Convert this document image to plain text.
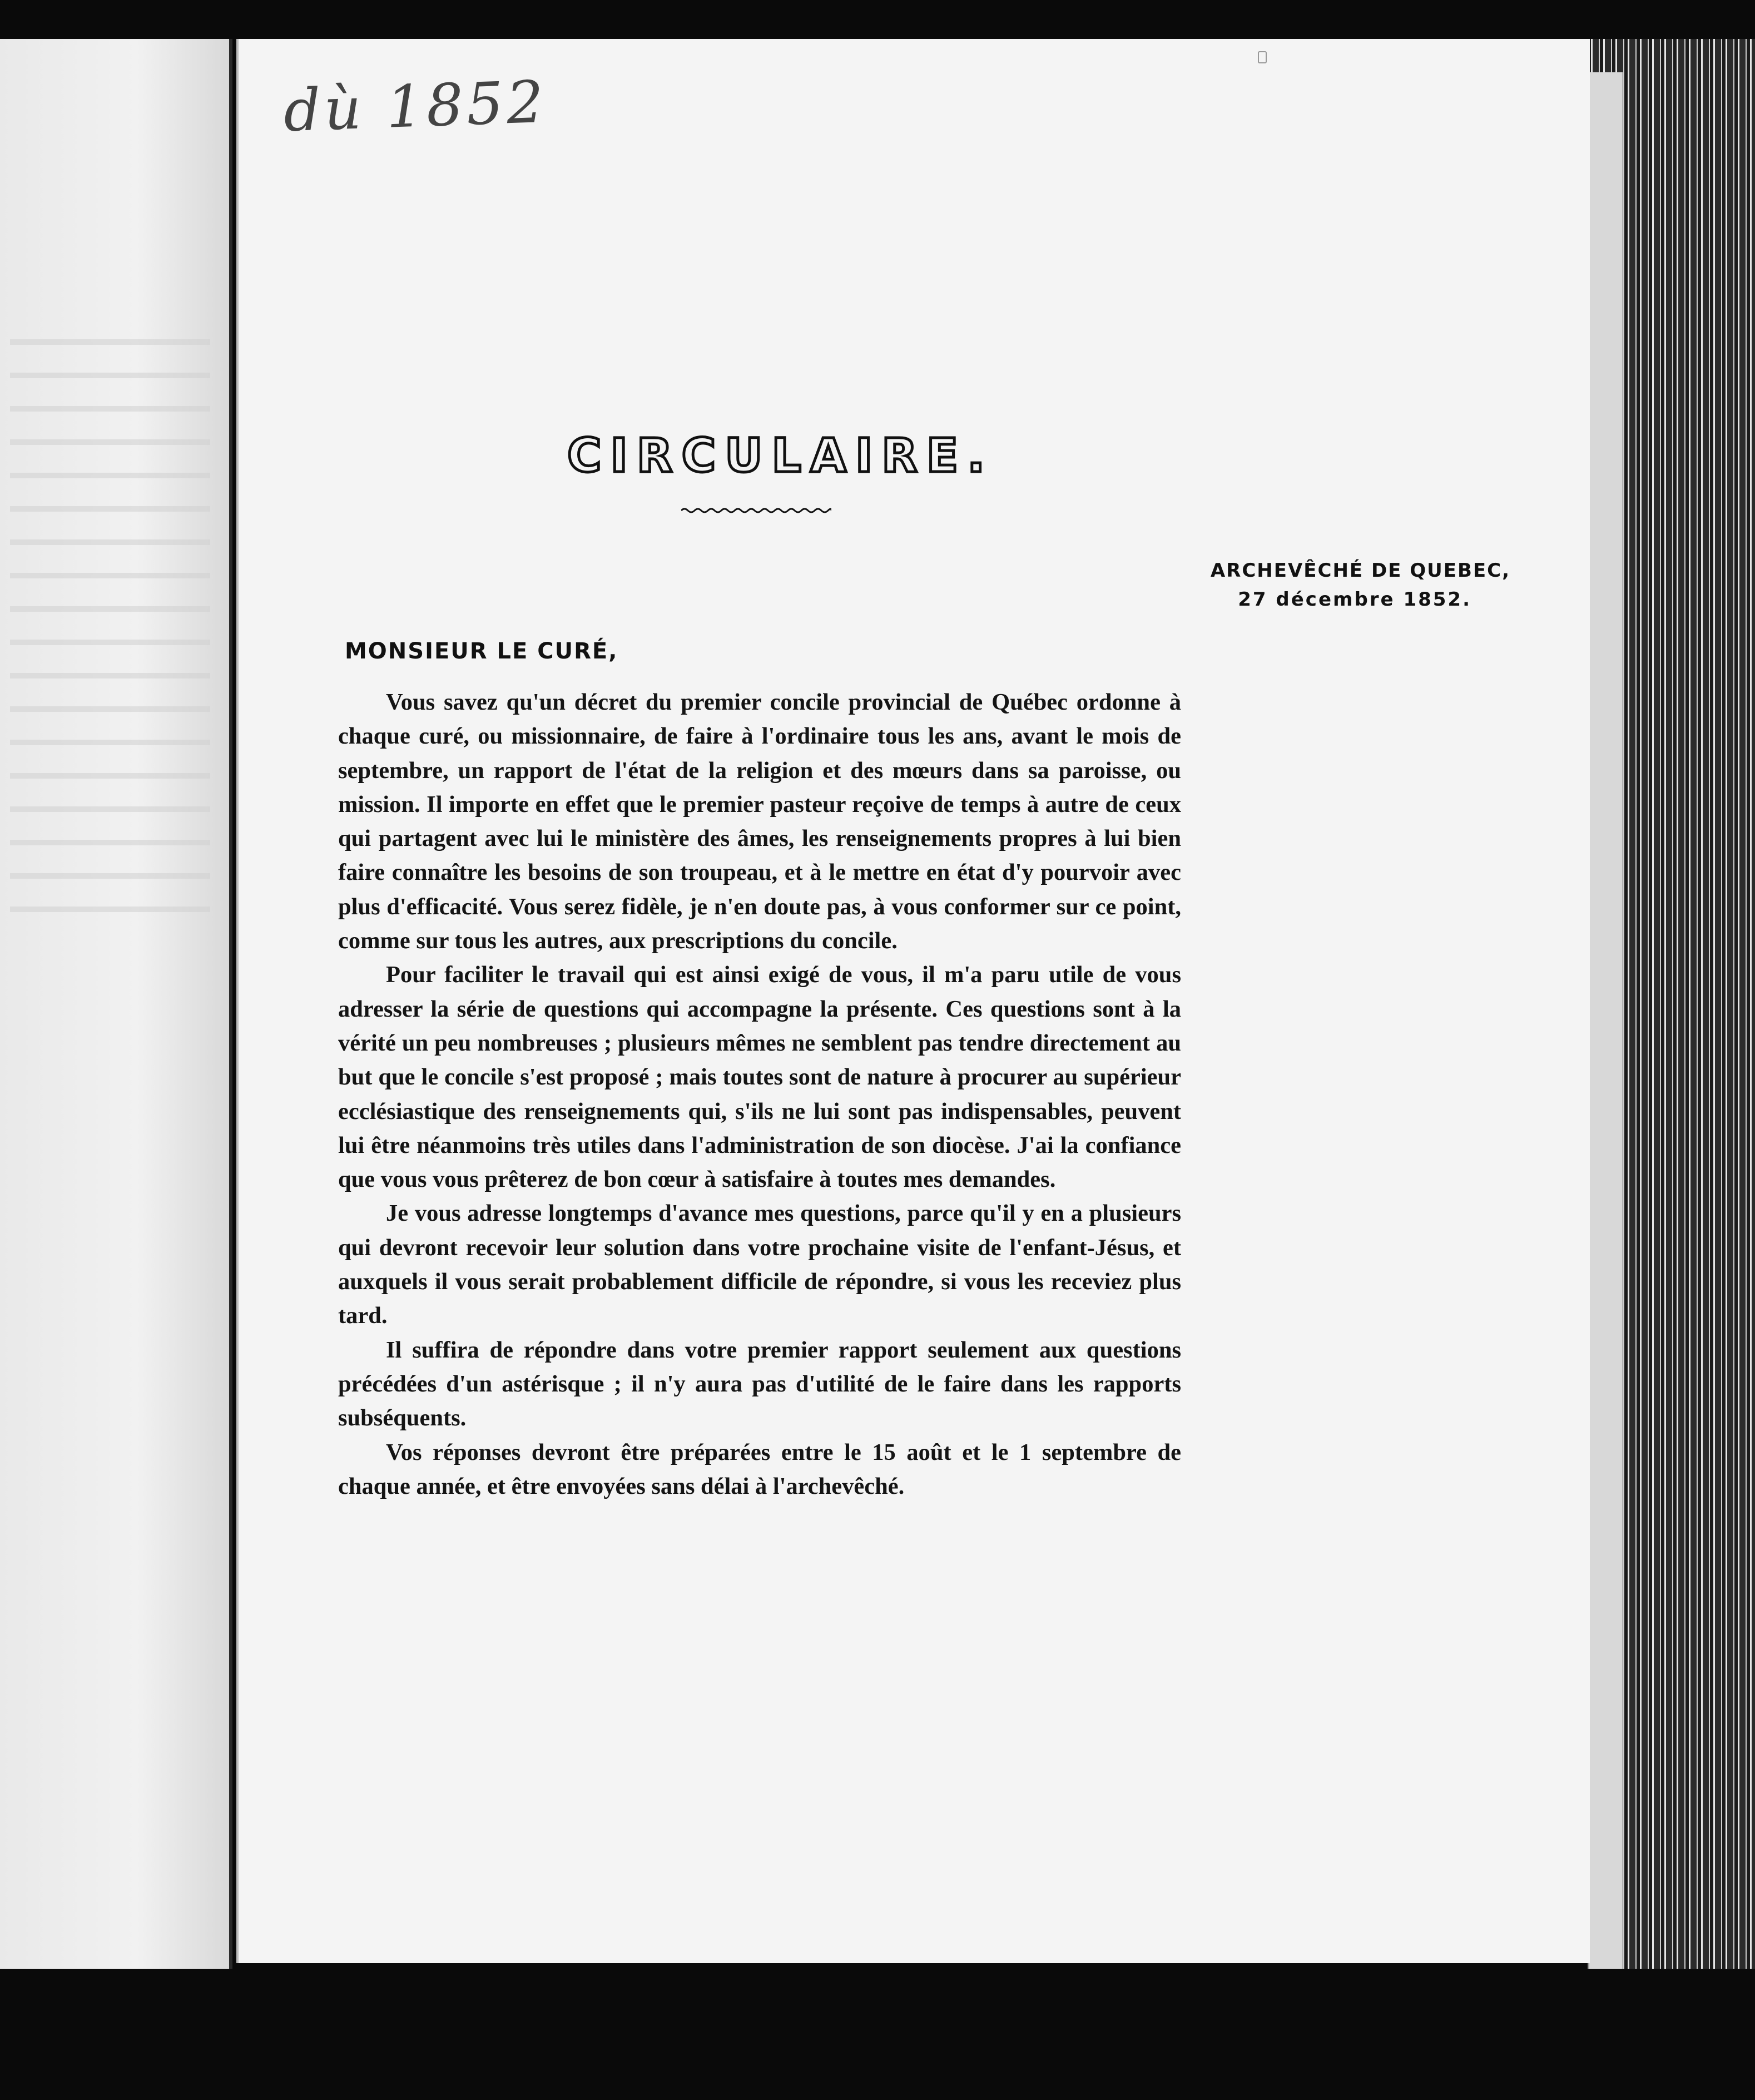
dù 1852
CIRCULAIRE.
ARCHEVÊCHÉ DE QUEBEC,
27 décembre 1852.
MONSIEUR LE CURÉ,

Vous savez qu'un décret du premier concile provincial de Québec ordonne à chaque curé, ou missionnaire, de faire à l'ordinaire tous les ans, avant le mois de septembre, un rapport de l'état de la religion et des mœurs dans sa paroisse, ou mission. Il importe en effet que le premier pasteur reçoive de temps à autre de ceux qui partagent avec lui le ministère des âmes, les renseignements propres à lui bien faire connaître les besoins de son troupeau, et à le mettre en état d'y pourvoir avec plus d'efficacité. Vous serez fidèle, je n'en doute pas, à vous conformer sur ce point, comme sur tous les autres, aux prescriptions du concile.

Pour faciliter le travail qui est ainsi exigé de vous, il m'a paru utile de vous adresser la série de questions qui accompagne la présente. Ces questions sont à la vérité un peu nombreuses ; plusieurs mêmes ne semblent pas tendre directement au but que le concile s'est proposé ; mais toutes sont de nature à procurer au supérieur ecclésiastique des renseignements qui, s'ils ne lui sont pas indispensables, peuvent lui être néanmoins très utiles dans l'administration de son diocèse. J'ai la confiance que vous vous prêterez de bon cœur à satisfaire à toutes mes demandes.

Je vous adresse longtemps d'avance mes questions, parce qu'il y en a plusieurs qui devront recevoir leur solution dans votre prochaine visite de l'enfant-Jésus, et auxquels il vous serait probablement difficile de répondre, si vous les receviez plus tard.

Il suffira de répondre dans votre premier rapport seulement aux questions précédées d'un astérisque ; il n'y aura pas d'utilité de le faire dans les rapports subséquents.

Vos réponses devront être préparées entre le 15 août et le 1 septembre de chaque année, et être envoyées sans délai à l'archevêché.
